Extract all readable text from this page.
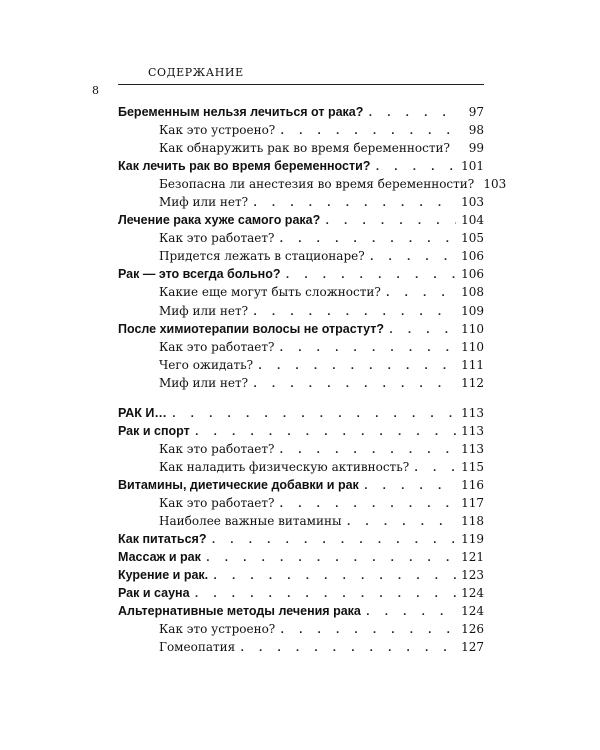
СОДЕРЖАНИЕ
8
Беременным нельзя лечиться от рака? . . .	97
Как это устроено? . . .	98
Как обнаружить рак во время беременности? . . .	99
Как лечить рак во время беременности? . . .	101
Безопасна ли анестезия во время беременности? 103
Миф или нет? . . .	103
Лечение рака хуже самого рака? . . .	104
Как это работает? . . .	105
Придется лежать в стационаре? . . .	106
Рак — это всегда больно? . . .	106
Какие еще могут быть сложности? . . .	108
Миф или нет? . . .	109
После химиотерапии волосы не отрастут? . . .	110
Как это работает? . . .	110
Чего ожидать? . . .	111
Миф или нет? . . .	112
РАК И… . . .	113
Рак и спорт . . .	113
Как это работает? . . .	113
Как наладить физическую активность? . . .	115
Витамины, диетические добавки и рак . . .	116
Как это работает? . . .	117
Наиболее важные витамины . . .	118
Как питаться? . . .	119
Массаж и рак . . .	121
Курение и рак. . . .	123
Рак и сауна . . .	124
Альтернативные методы лечения рака . . .	124
Как это устроено? . . .	126
Гомеопатия . . .	127
